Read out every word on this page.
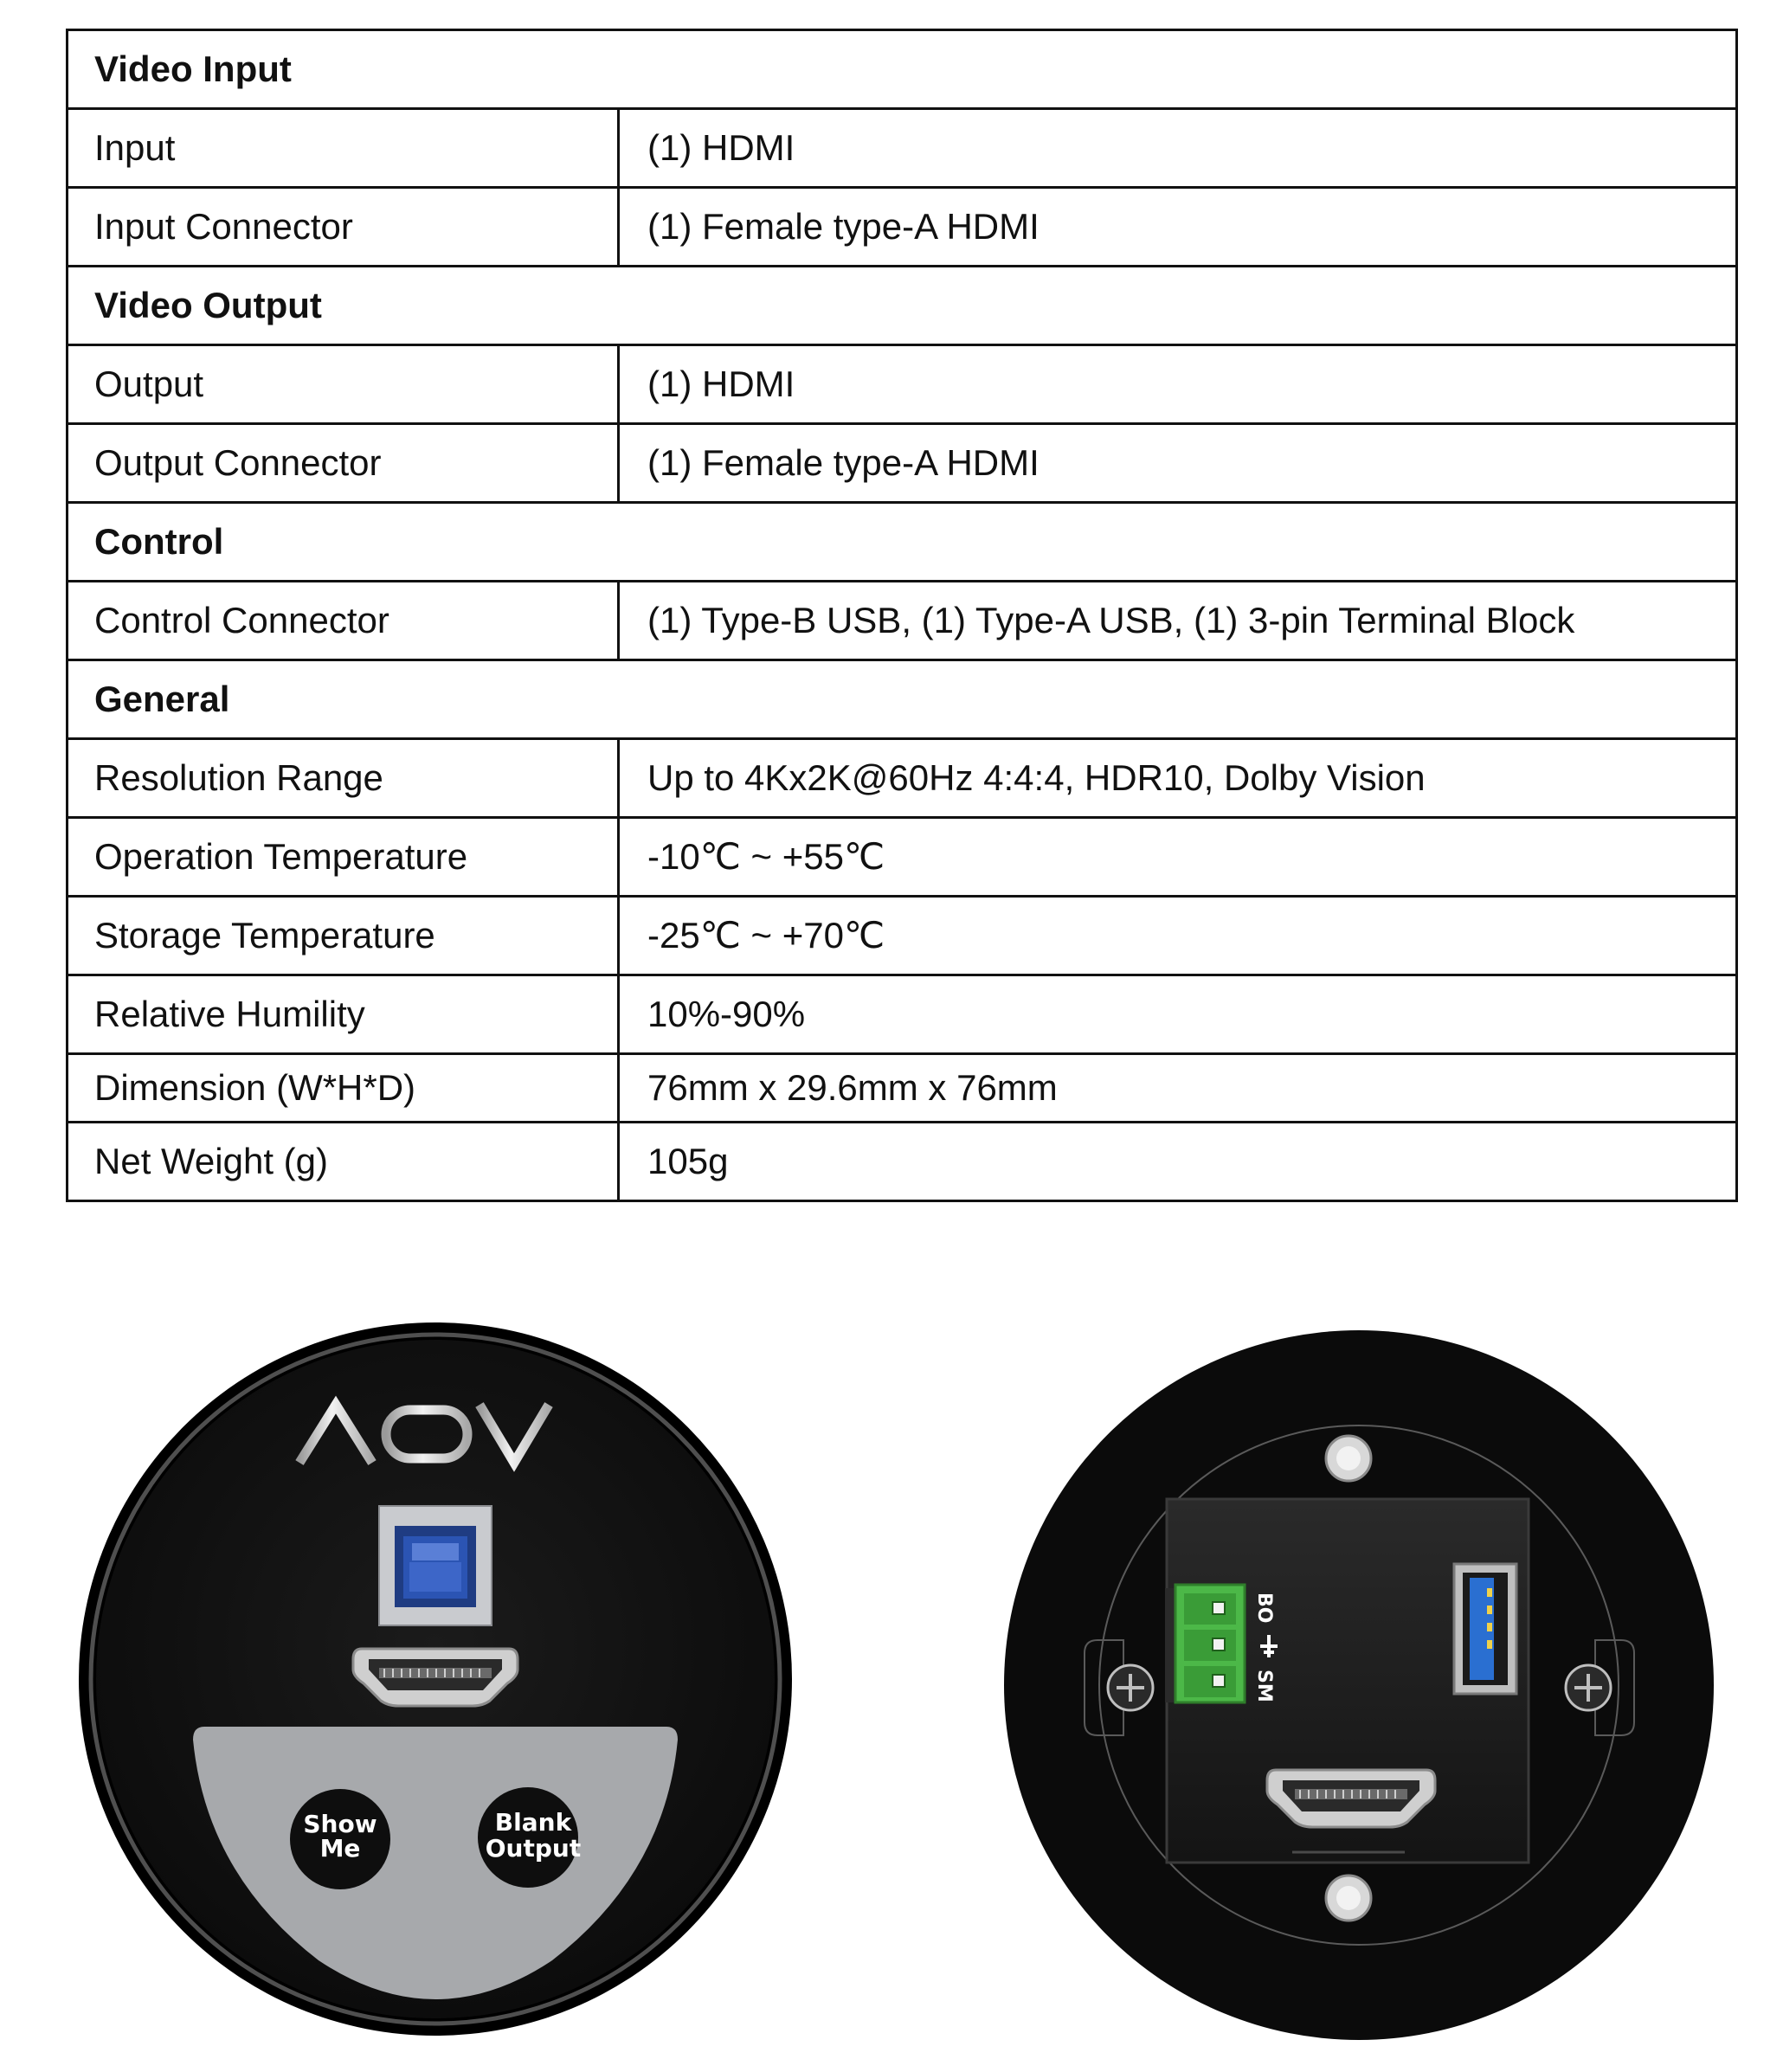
Video Input	
Input	(1) HDMI
Input Connector	(1) Female type-A HDMI
Video Output	
Output	(1) HDMI
Output Connector	(1) Female type-A HDMI
Control	
Control Connector	(1) Type-B USB, (1) Type-A USB, (1) 3-pin Terminal Block
General	
Resolution Range	Up to 4Kx2K@60Hz 4:4:4, HDR10, Dolby Vision
Operation Temperature	-10℃ ~ +55℃
Storage Temperature	-25℃ ~ +70℃
Relative Humility	10%-90%
Dimension (W*H*D)	76mm x 29.6mm x 76mm
Net Weight (g)	105g
Show
Me
Blank
Output
BO
SM
